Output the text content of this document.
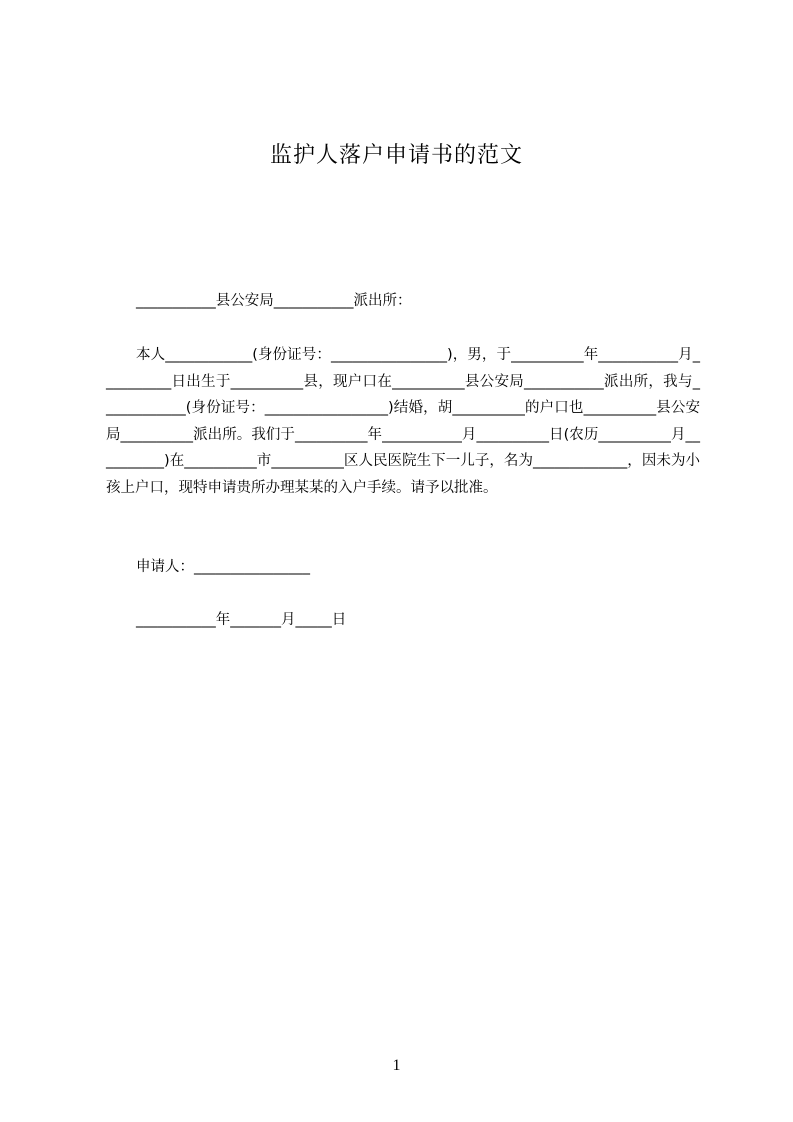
监护人落户申请书的范文
___________县公安局___________派出所：
本人____________(身份证号：________________)，男，于__________年___________月__________日出生于__________县，现户口在__________县公安局___________派出所，我与____________(身份证号：_________________)结婚，胡__________的户口也__________县公安局__________派出所。我们于__________年___________月__________日(农历__________月__________)在__________市__________区人民医院生下一儿子，名为_____________，因未为小孩上户口，现特申请贵所办理某某的入户手续。请予以批准。
申请人：________________
___________年_______月_____日
1
